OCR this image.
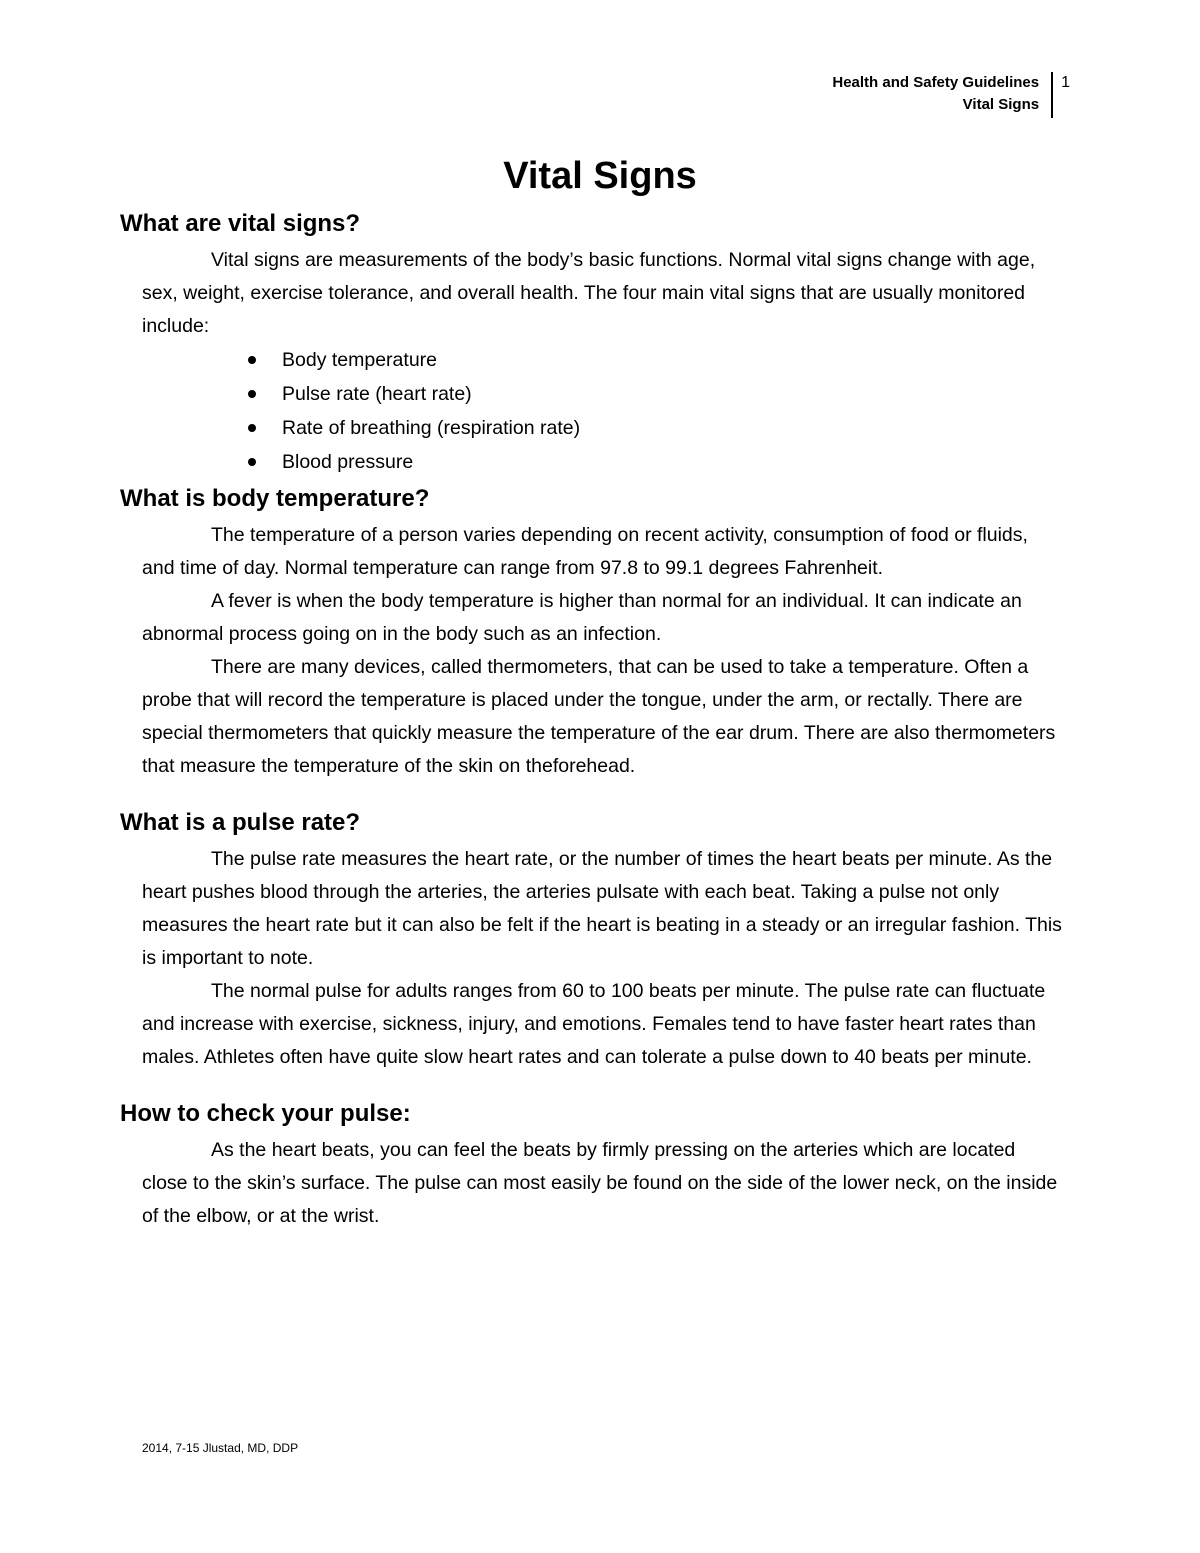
Health and Safety Guidelines
Vital Signs
1
Vital Signs
What are vital signs?

Vital signs are measurements of the body’s basic functions. Normal vital signs change with age, sex, weight, exercise tolerance, and overall health. The four main vital signs that are usually monitored include:

Body temperature
Pulse rate (heart rate)
Rate of breathing (respiration rate)
Blood pressure
What is body temperature?

The temperature of a person varies depending on recent activity, consumption of food or fluids, and time of day. Normal temperature can range from 97.8 to 99.1 degrees Fahrenheit.

A fever is when the body temperature is higher than normal for an individual. It can indicate an abnormal process going on in the body such as an infection.

There are many devices, called thermometers, that can be used to take a temperature. Often a probe that will record the temperature is placed under the tongue, under the arm, or rectally. There are special thermometers that quickly measure the temperature of the ear drum. There are also thermometers that measure the temperature of the skin on theforehead.

What is a pulse rate?

The pulse rate measures the heart rate, or the number of times the heart beats per minute. As the heart pushes blood through the arteries, the arteries pulsate with each beat. Taking a pulse not only measures the heart rate but it can also be felt if the heart is beating in a steady or an irregular fashion. This is important to note.

The normal pulse for adults ranges from 60 to 100 beats per minute. The pulse rate can fluctuate and increase with exercise, sickness, injury, and emotions. Females tend to have faster heart rates than males. Athletes often have quite slow heart rates and can tolerate a pulse down to 40 beats per minute.

How to check your pulse:

As the heart beats, you can feel the beats by firmly pressing on the arteries which are located close to the skin’s surface. The pulse can most easily be found on the side of the lower neck, on the inside of the elbow, or at the wrist.

2014, 7-15 Jlustad, MD, DDP
